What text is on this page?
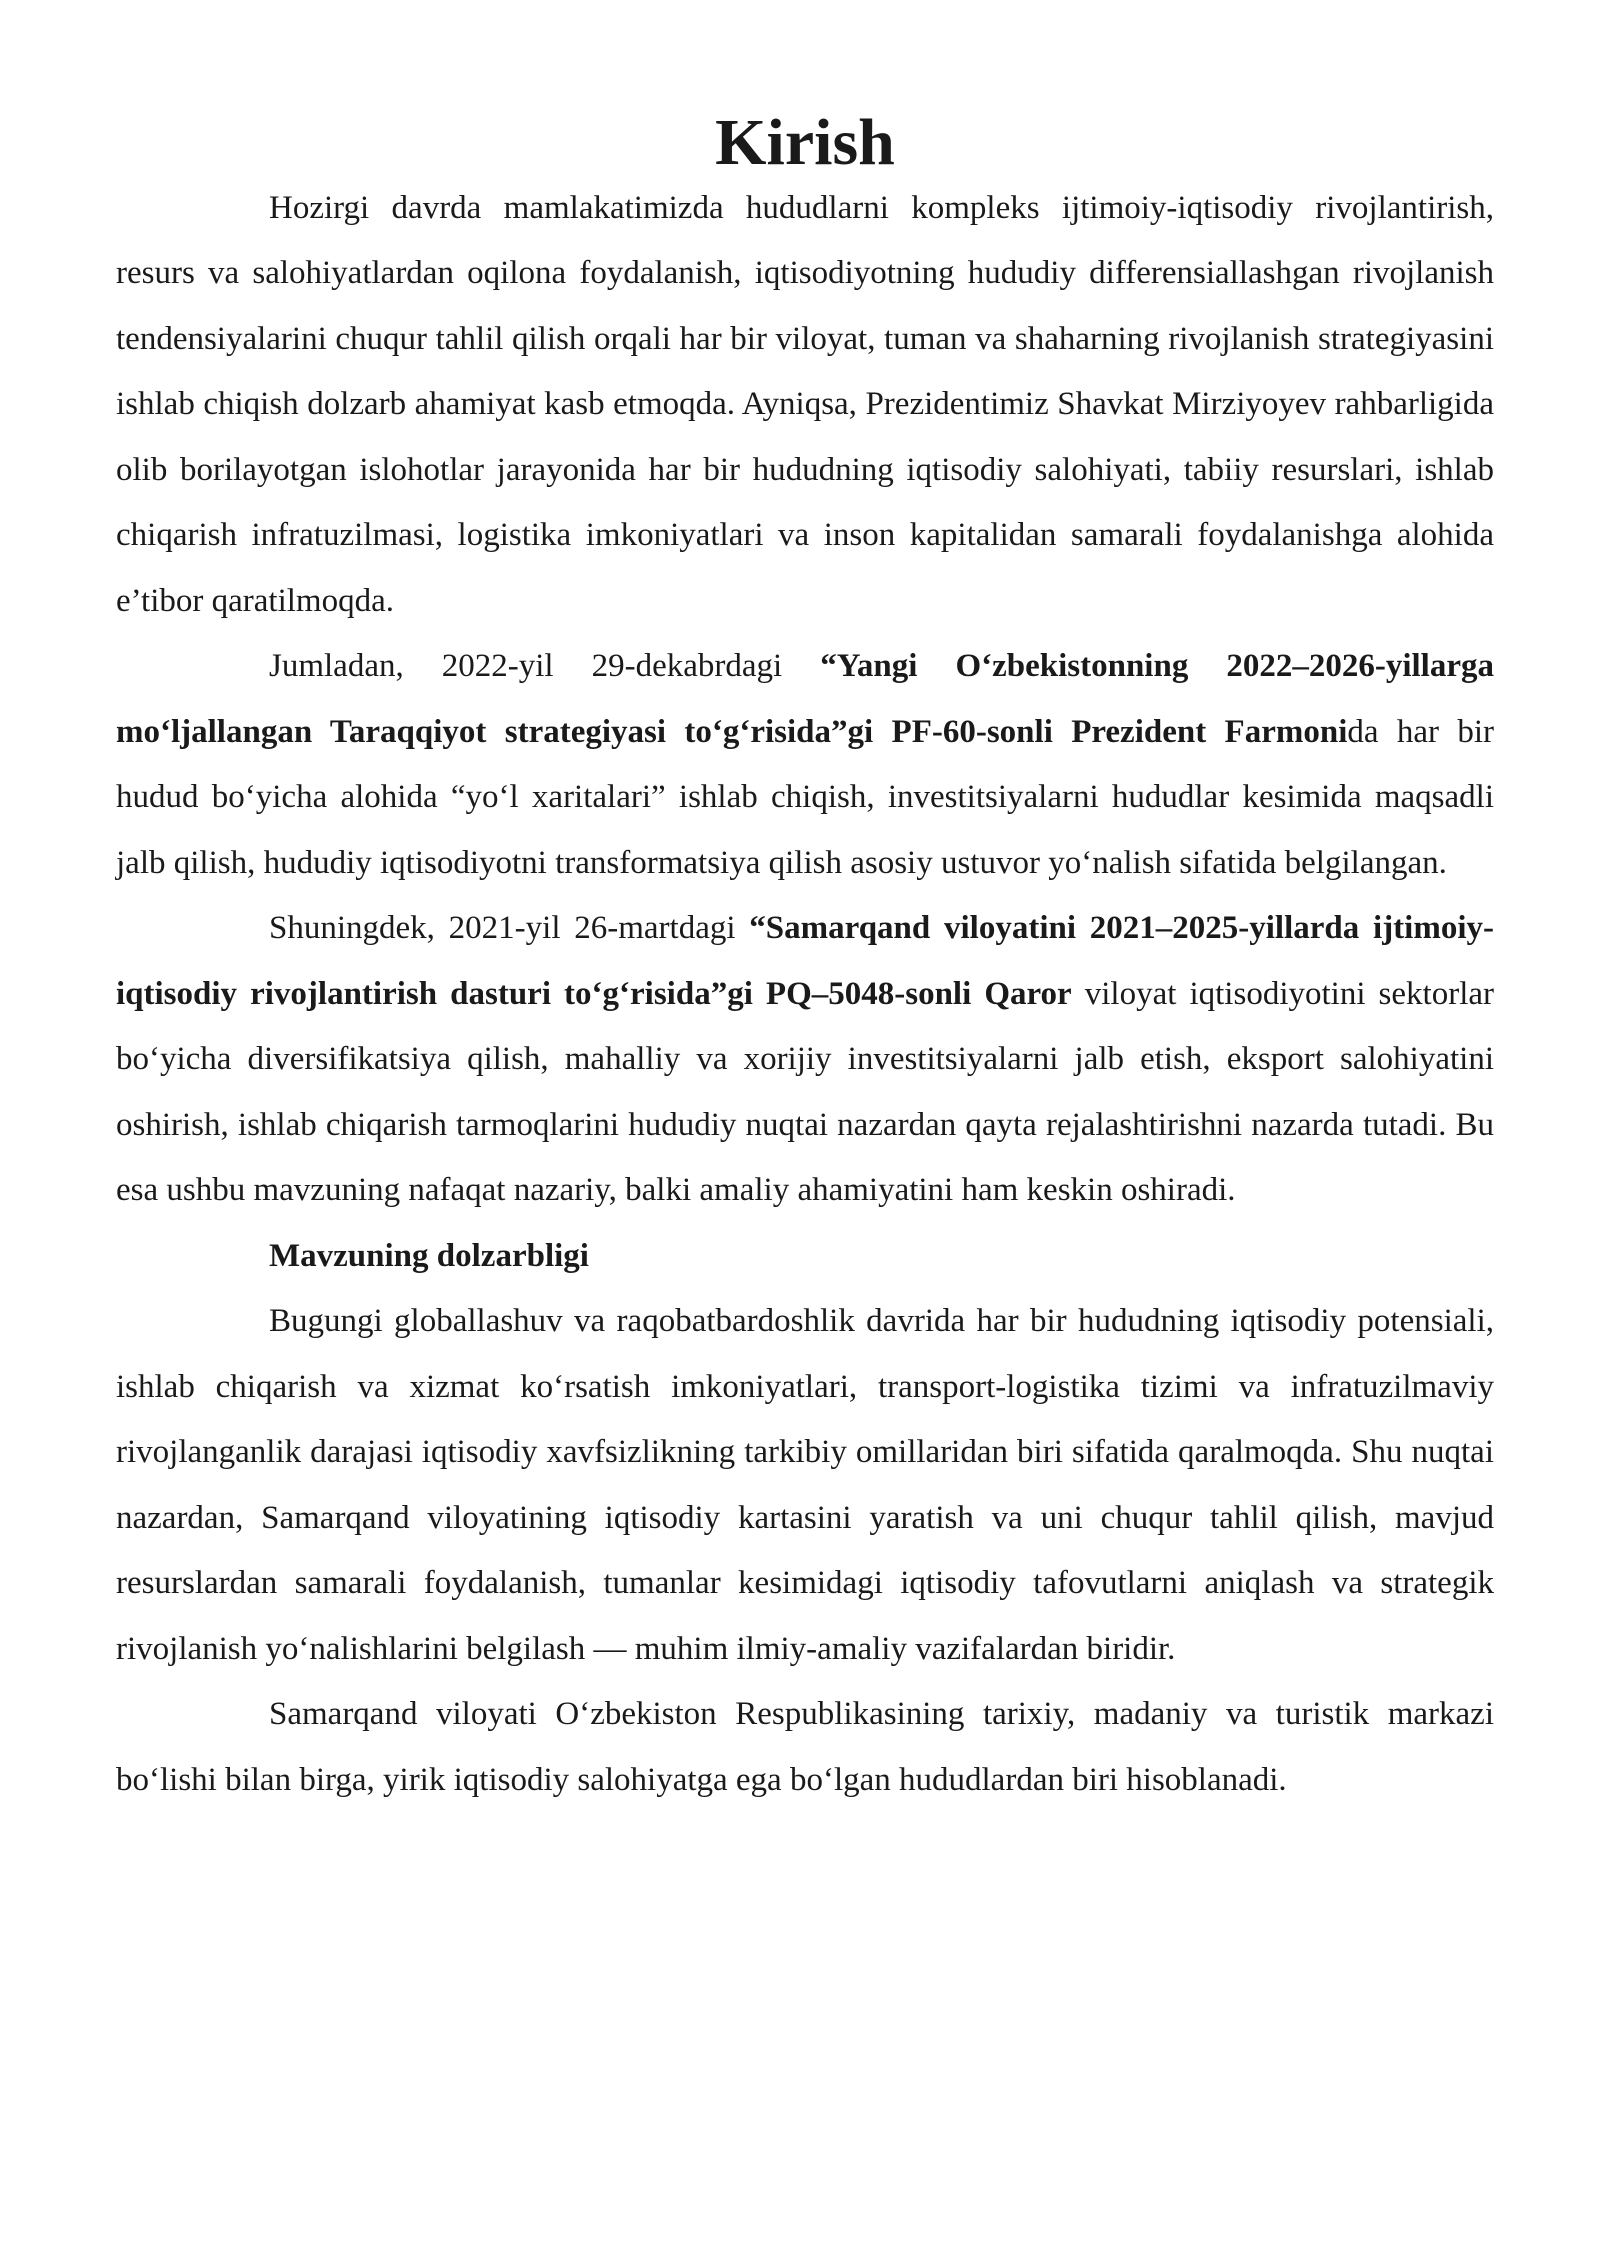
Kirish

Hozirgi davrda mamlakatimizda hududlarni kompleks ijtimoiy-iqtisodiy rivojlantirish, resurs va salohiyatlardan oqilona foydalanish, iqtisodiyotning hududiy differensiallashgan rivojlanish tendensiyalarini chuqur tahlil qilish orqali har bir viloyat, tuman va shaharning rivojlanish strategiyasini ishlab chiqish dolzarb ahamiyat kasb etmoqda. Ayniqsa, Prezidentimiz Shavkat Mirziyoyev rahbarligida olib borilayotgan islohotlar jarayonida har bir hududning iqtisodiy salohiyati, tabiiy resurslari, ishlab chiqarish infratuzilmasi, logistika imkoniyatlari va inson kapitalidan samarali foydalanishga alohida e’tibor qaratilmoqda.

Jumladan, 2022-yil 29-dekabrdagi “Yangi O‘zbekistonning 2022–2026-yillarga mo‘ljallangan Taraqqiyot strategiyasi to‘g‘risida”gi PF-60-sonli Prezident Farmonida har bir hudud bo‘yicha alohida “yo‘l xaritalari” ishlab chiqish, investitsiyalarni hududlar kesimida maqsadli jalb qilish, hududiy iqtisodiyotni transformatsiya qilish asosiy ustuvor yo‘nalish sifatida belgilangan.

Shuningdek, 2021-yil 26-martdagi “Samarqand viloyatini 2021–2025-yillarda ijtimoiy-iqtisodiy rivojlantirish dasturi to‘g‘risida”gi PQ–5048-sonli Qaror viloyat iqtisodiyotini sektorlar bo‘yicha diversifikatsiya qilish, mahalliy va xorijiy investitsiyalarni jalb etish, eksport salohiyatini oshirish, ishlab chiqarish tarmoqlarini hududiy nuqtai nazardan qayta rejalashtirishni nazarda tutadi. Bu esa ushbu mavzuning nafaqat nazariy, balki amaliy ahamiyatini ham keskin oshiradi.

Mavzuning dolzarbligi

Bugungi globallashuv va raqobatbardoshlik davrida har bir hududning iqtisodiy potensiali, ishlab chiqarish va xizmat ko‘rsatish imkoniyatlari, transport-logistika tizimi va infratuzilmaviy rivojlanganlik darajasi iqtisodiy xavfsizlikning tarkibiy omillaridan biri sifatida qaralmoqda. Shu nuqtai nazardan, Samarqand viloyatining iqtisodiy kartasini yaratish va uni chuqur tahlil qilish, mavjud resurslardan samarali foydalanish, tumanlar kesimidagi iqtisodiy tafovutlarni aniqlash va strategik rivojlanish yo‘nalishlarini belgilash — muhim ilmiy-amaliy vazifalardan biridir.

Samarqand viloyati O‘zbekiston Respublikasining tarixiy, madaniy va turistik markazi bo‘lishi bilan birga, yirik iqtisodiy salohiyatga ega bo‘lgan hududlardan biri hisoblanadi.
